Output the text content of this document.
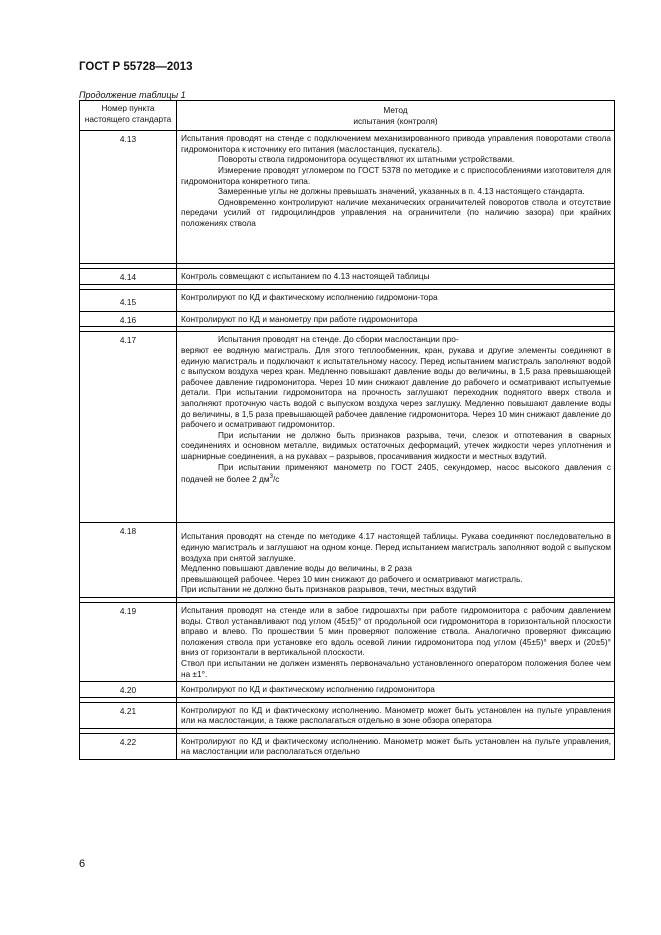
ГОСТ Р 55728—2013
Продолжение таблицы 1
Номер пункта настоящего стандарта	Метод
испытания (контроля)

4.13	Испытания проводят на стенде с подключением механизированного привода управления поворотами ствола гидромонитора к источнику его питания (маслостанция, пускатель).

Повороты ствола гидромонитора осуществляют их штатными устройствами.

Измерение проводят угломером по ГОСТ 5378 по методике и с приспособлениями изготовителя для гидромонитора конкретного типа.

Замеренные углы не должны превышать значений, указанных в п. 4.13 настоящего стандарта.

Одновременно контролируют наличие механических ограничителей поворотов ствола и отсутствие передачи усилий от гидроцилиндров управления на ограничители (по наличию зазора) при крайних положениях ствола

4.14	Контроль совмещают с испытанием по 4.13 настоящей таблицы

4.15	Контролируют по КД и фактическому исполнению гидромони-тора

4.16	Контролируют по КД и манометру при работе гидромонитора

4.17	Испытания проводят на стенде. До сборки маслостанции про-

веряют ее водяную магистраль. Для этого теплообменник, кран, рукава и другие элементы соединяют в единую магистраль и подключают к испытательному насосу. Перед испытанием магистраль заполняют водой с выпуском воздуха через кран. Медленно повышают давление воды до величины, в 1,5 раза превышающей рабочее давление гидромонитора. Через 10 мин снижают давление до рабочего и осматривают испытуемые детали. При испытании гидромонитора на прочность заглушают переходник поднятого вверх ствола и заполняют проточную часть водой с выпуском воздуха через заглушку. Медленно повышают давление воды до величины, в 1,5 раза превышающей рабочее давление гидромонитора. Через 10 мин снижают давление до рабочего и осматривают гидромонитор.

При испытании не должно быть признаков разрыва, течи, слезок и отпотевания в сварных соединениях и основном металле, видимых остаточных деформаций, утечек жидкости через уплотнения и шарнирные соединения, а на рукавах – разрывов, просачивания жидкости и местных вздутий.

При испытании применяют манометр по ГОСТ 2405, секундомер, насос высокого давления с подачей не более 2 $дм^3/с$

4.18	Испытания проводят на стенде по методике 4.17 настоящей таблицы. Рукава соединяют последовательно в единую магистраль и заглушают на одном конце. Перед испытанием магистраль заполняют водой с выпуском воздуха при снятой заглушке.

Медленно повышают давление воды до величины, в 2 раза

превышающей рабочее. Через 10 мин снижают до рабочего и осматривают магистраль.

При испытании не должно быть признаков разрывов, течи, местных вздутий

4.19	Испытания проводят на стенде или в забое гидрошахты при работе гидромонитора с рабочим давлением воды. Ствол устанавливают под углом (45±5)° от продольной оси гидромонитора в горизонтальной плоскости вправо и влево. По прошествии 5 мин проверяют положение ствола. Аналогично проверяют фиксацию положения ствола при установке его вдоль осевой линии гидромонитора под углом (45±5)° вверх и (20±5)° вниз от горизонтали в вертикальной плоскости.

Ствол при испытании не должен изменять первоначально установленного оператором положения более чем на ±1°.

4.20	Контролируют по КД и фактическому исполнению гидромонитора

4.21	Контролируют по КД и фактическому исполнению. Манометр может быть установлен на пульте управления или на маслостанции, а также располагаться отдельно в зоне обзора оператора

4.22	Контролируют по КД и фактическому исполнению. Манометр может быть установлен на пульте управления, на маслостанции или располагаться отдельно

6
